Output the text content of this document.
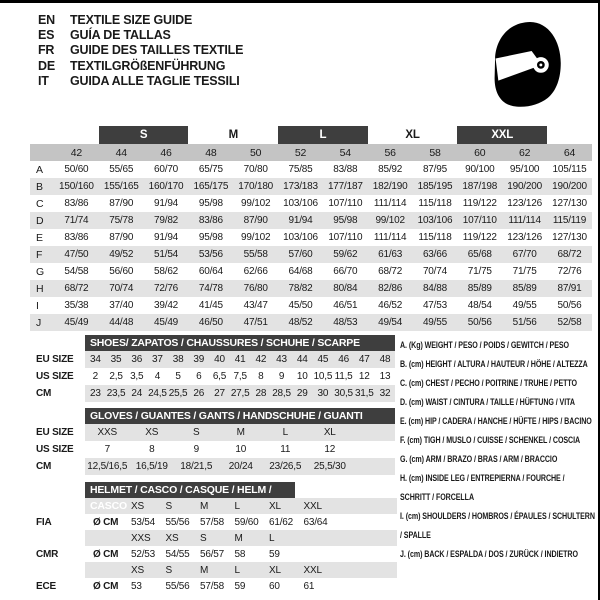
EN	TEXTILE SIZE GUIDE
ES	GUÍA DE TALLAS
FR	GUIDE DES TAILLES TEXTILE
DE	TEXTILGRÖßENFÜHRUNG
IT	GUIDA ALLE TAGLIE TESSILI
		S		M		L		XL		XXL		
	42	44	46	48	50	52	54	56	58	60	62	64
A	50/60	55/65	60/70	65/75	70/80	75/85	83/88	85/92	87/95	90/100	95/100	105/115
B	150/160	155/165	160/170	165/175	170/180	173/183	177/187	182/190	185/195	187/198	190/200	190/200
C	83/86	87/90	91/94	95/98	99/102	103/106	107/110	111/114	115/118	119/122	123/126	127/130
D	71/74	75/78	79/82	83/86	87/90	91/94	95/98	99/102	103/106	107/110	111/114	115/119
E	83/86	87/90	91/94	95/98	99/102	103/106	107/110	111/114	115/118	119/122	123/126	127/130
F	47/50	49/52	51/54	53/56	55/58	57/60	59/62	61/63	63/66	65/68	67/70	68/72
G	54/58	56/60	58/62	60/64	62/66	64/68	66/70	68/72	70/74	71/75	71/75	72/76
H	68/72	70/74	72/76	74/78	76/80	78/82	80/84	82/86	84/88	85/89	85/89	87/91
I	35/38	37/40	39/42	41/45	43/47	45/50	46/51	46/52	47/53	48/54	49/55	50/56
J	45/49	44/48	45/49	46/50	47/51	48/52	48/53	49/54	49/55	50/56	51/56	52/58
SHOES/ ZAPATOS / CHAUSSURES / SCHUHE / SCARPE
EU SIZE	34	35	36	37	38	39	40	41	42	43	44	45	46	47	48
US SIZE	2	2,5	3,5	4	5	6	6,5	7,5	8	9	10	10,5	11,5	12	13
CM	23	23,5	24	24,5	25,5	26	27	27,5	28	28,5	29	30	30,5	31,5	32
GLOVES / GUANTES / GANTS / HANDSCHUHE / GUANTI
EU SIZE	XXS	XS	S	M	L	XL	
US SIZE	7	8	9	10	11	12	
CM	12,5/16,5	16,5/19	18/21,5	20/24	23/26,5	25,5/30	
HELMET / CASCO / CASQUE / HELM / CASCO
		XS	S	M	L	XL	XXL	
FIA	Ø CM	53/54	55/56	57/58	59/60	61/62	63/64	
		XXS	XS	S	M	L		
CMR	Ø CM	52/53	54/55	56/57	58	59		
		XS	S	M	L	XL	XXL	
ECE	Ø CM	53	55/56	57/58	59	60	61	
A. (Kg) WEIGHT / PESO / POIDS / GEWITCH / PESO
B. (cm) HEIGHT / ALTURA / HAUTEUR / HÖHE / ALTEZZA
C. (cm) CHEST / PECHO / POITRINE / TRUHE / PETTO
D. (cm) WAIST / CINTURA / TAILLE / HÜFTUNG / VITA
E. (cm) HIP / CADERA / HANCHE / HÜFTE / HIPS / BACINO
F. (cm) TIGH / MUSLO / CUISSE / SCHENKEL / COSCIA
G. (cm) ARM / BRAZO / BRAS / ARM / BRACCIO
H. (cm) INSIDE LEG / ENTREPIERNA / FOURCHE / SCHRITT / FORCELLA
I. (cm) SHOULDERS / HOMBROS / ÉPAULES / SCHULTERN / SPALLE
J. (cm) BACK / ESPALDA / DOS / ZURÜCK / INDIETRO
